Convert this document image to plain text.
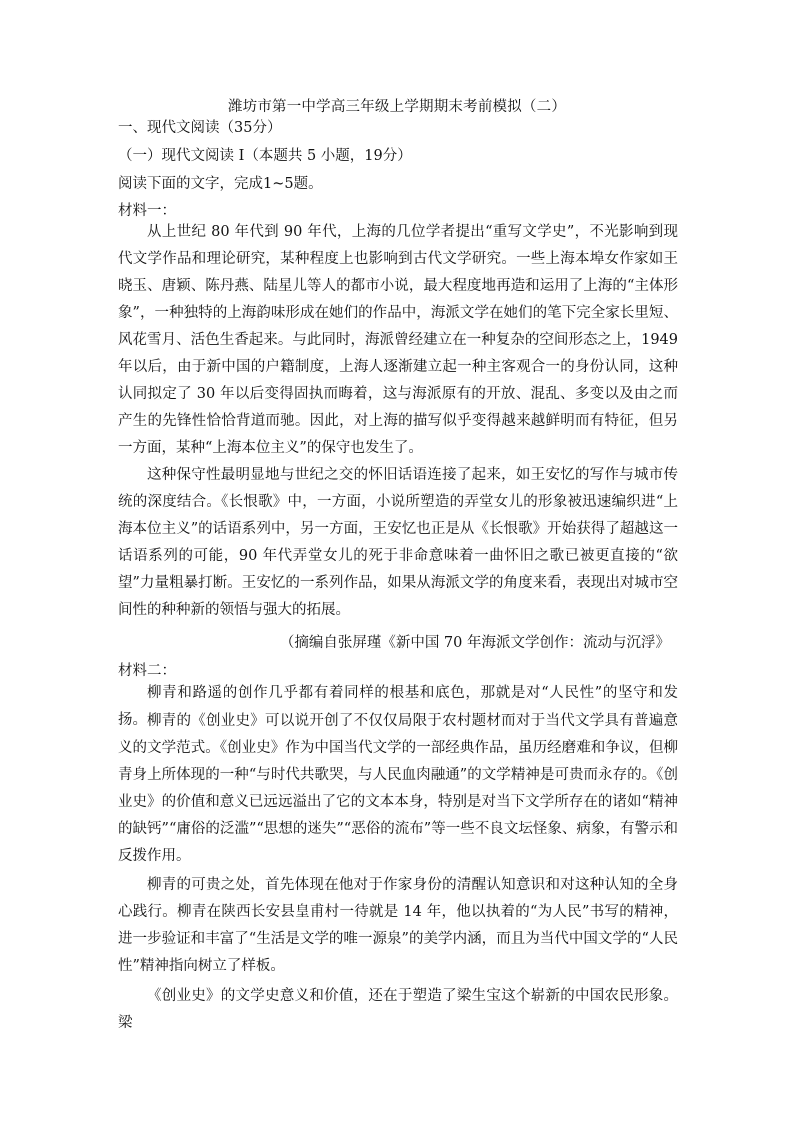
潍坊市第一中学高三年级上学期期末考前模拟（二）
一、现代文阅读（35分）
（一）现代文阅读 I（本题共 5 小题，19分）
阅读下面的文字，完成1~5题。
材料一：

从上世纪 80 年代到 90 年代，上海的几位学者提出“重写文学史”，不光影响到现代文学作品和理论研究，某种程度上也影响到古代文学研究。一些上海本埠女作家如王晓玉、唐颖、陈丹燕、陆星儿等人的都市小说，最大程度地再造和运用了上海的“主体形象”，一种独特的上海韵味形成在她们的作品中，海派文学在她们的笔下完全家长里短、风花雪月、活色生香起来。与此同时，海派曾经建立在一种复杂的空间形态之上，1949 年以后，由于新中国的户籍制度，上海人逐渐建立起一种主客观合一的身份认同，这种认同拟定了 30 年以后变得固执而晦着，这与海派原有的开放、混乱、多变以及由之而产生的先锋性恰恰背道而驰。因此，对上海的描写似乎变得越来越鲜明而有特征，但另一方面，某种“上海本位主义”的保守也发生了。

这种保守性最明显地与世纪之交的怀旧话语连接了起来，如王安忆的写作与城市传统的深度结合。《长恨歌》中，一方面，小说所塑造的弄堂女儿的形象被迅速编织进“上海本位主义”的话语系列中，另一方面，王安忆也正是从《长恨歌》开始获得了超越这一话语系列的可能，90 年代弄堂女儿的死于非命意味着一曲怀旧之歌已被更直接的“欲望”力量粗暴打断。王安忆的一系列作品，如果从海派文学的角度来看，表现出对城市空间性的种种新的领悟与强大的拓展。

（摘编自张屏瑾《新中国 70 年海派文学创作：流动与沉浮》
材料二：

柳青和路遥的创作几乎都有着同样的根基和底色，那就是对“人民性”的坚守和发扬。 柳青的《创业史》可以说开创了不仅仅局限于农村题材而对于当代文学具有普遍意义的文学范式。《创业史》作为中国当代文学的一部经典作品，虽历经磨难和争议，但柳青身上所体现的一种“与时代共歌哭，与人民血肉融通”的文学精神是可贵而永存的。《创业史》的价值和意义已远远溢出了它的文本本身，特别是对当下文学所存在的诸如“精神的缺钙”“庸俗的泛滥”“思想的迷失”“恶俗的流布”等一些不良文坛怪象、病象，有警示和反拨作用。

柳青的可贵之处，首先体现在他对于作家身份的清醒认知意识和对这种认知的全身心践行。柳青在陕西长安县皇甫村一待就是 14 年，他以执着的“为人民”书写的精神，进一步验证和丰富了“生活是文学的唯一源泉”的美学内涵，而且为当代中国文学的“人民性”精神指向树立了样板。

《创业史》的文学史意义和价值，还在于塑造了梁生宝这个崭新的中国农民形象。梁
